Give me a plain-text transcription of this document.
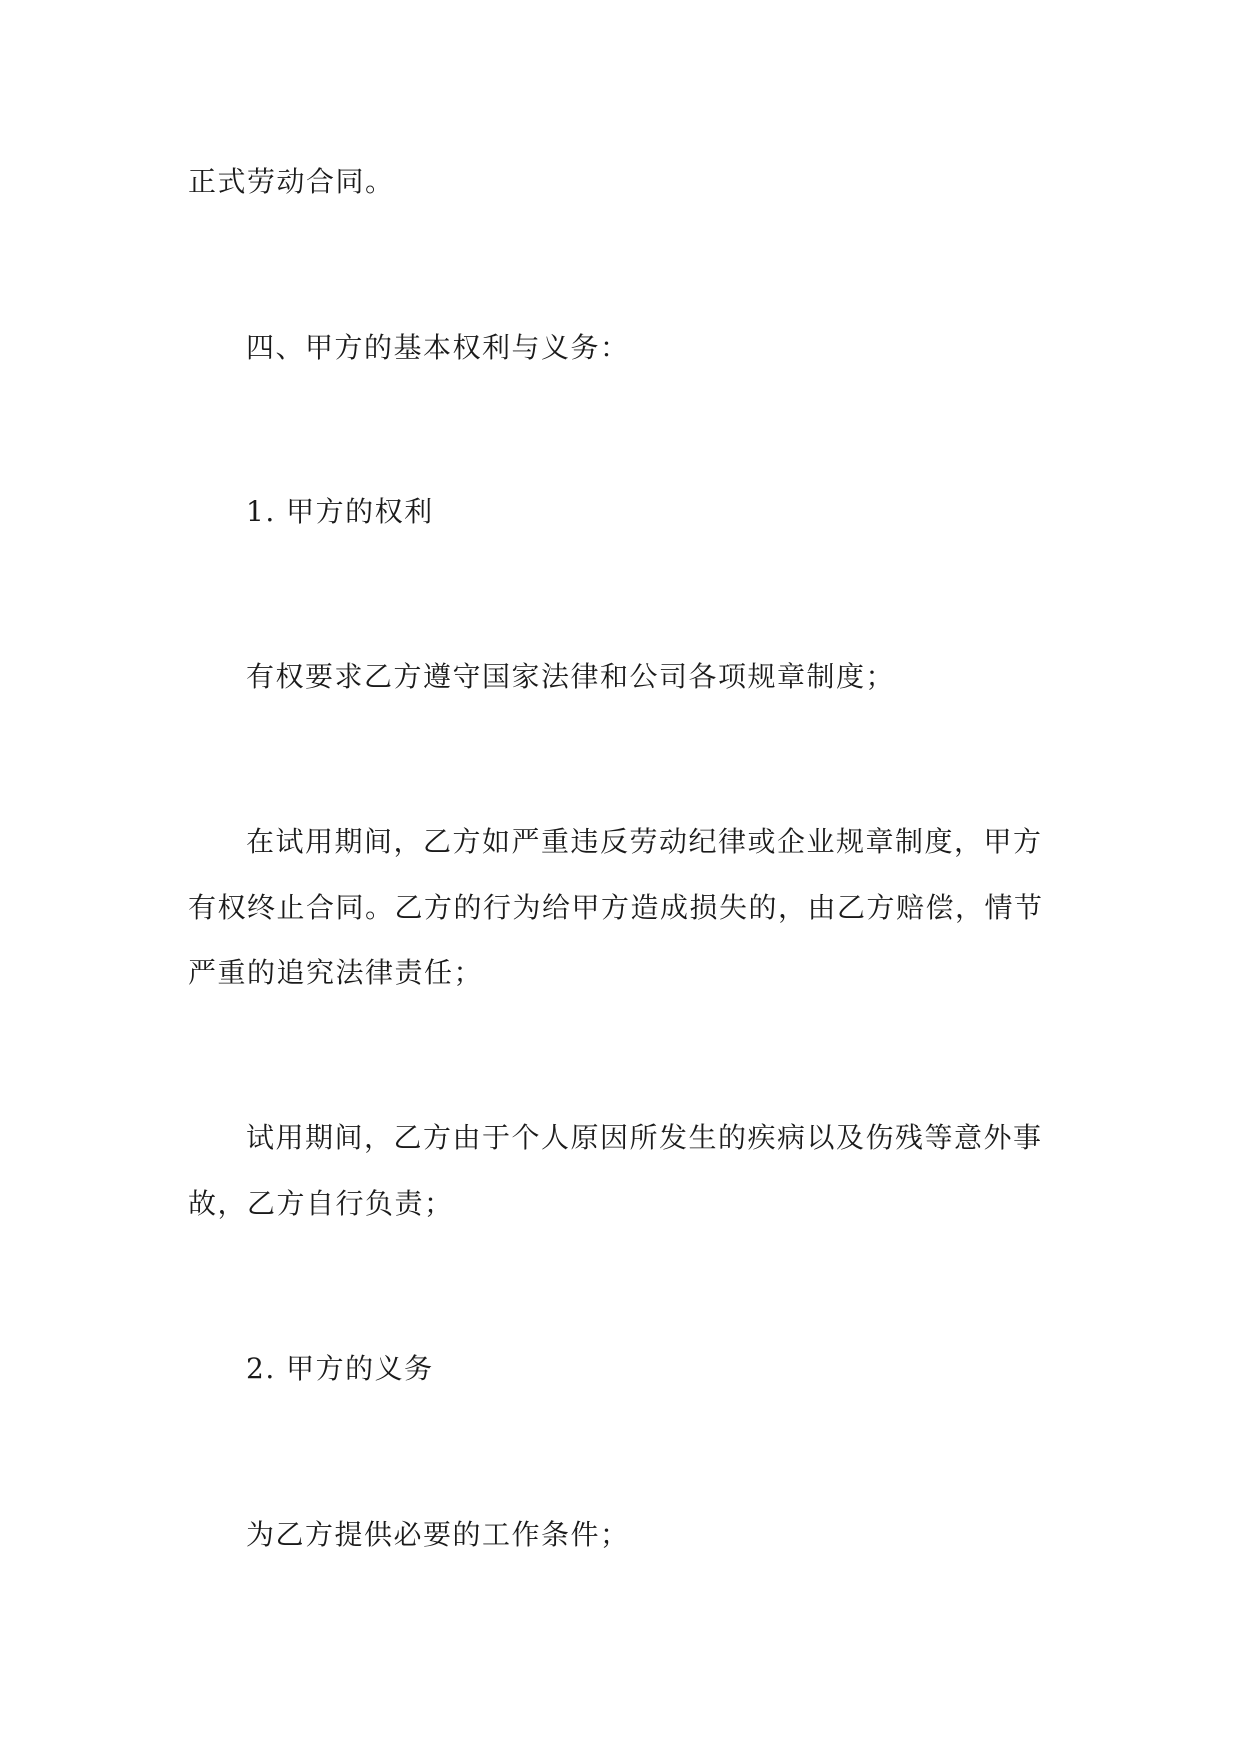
正式劳动合同。
四、甲方的基本权利与义务：
1. 甲方的权利
有权要求乙方遵守国家法律和公司各项规章制度；
在试用期间，乙方如严重违反劳动纪律或企业规章制度，甲方
有权终止合同。乙方的行为给甲方造成损失的，由乙方赔偿，情节
严重的追究法律责任；
试用期间，乙方由于个人原因所发生的疾病以及伤残等意外事
故，乙方自行负责；
2. 甲方的义务
为乙方提供必要的工作条件；
